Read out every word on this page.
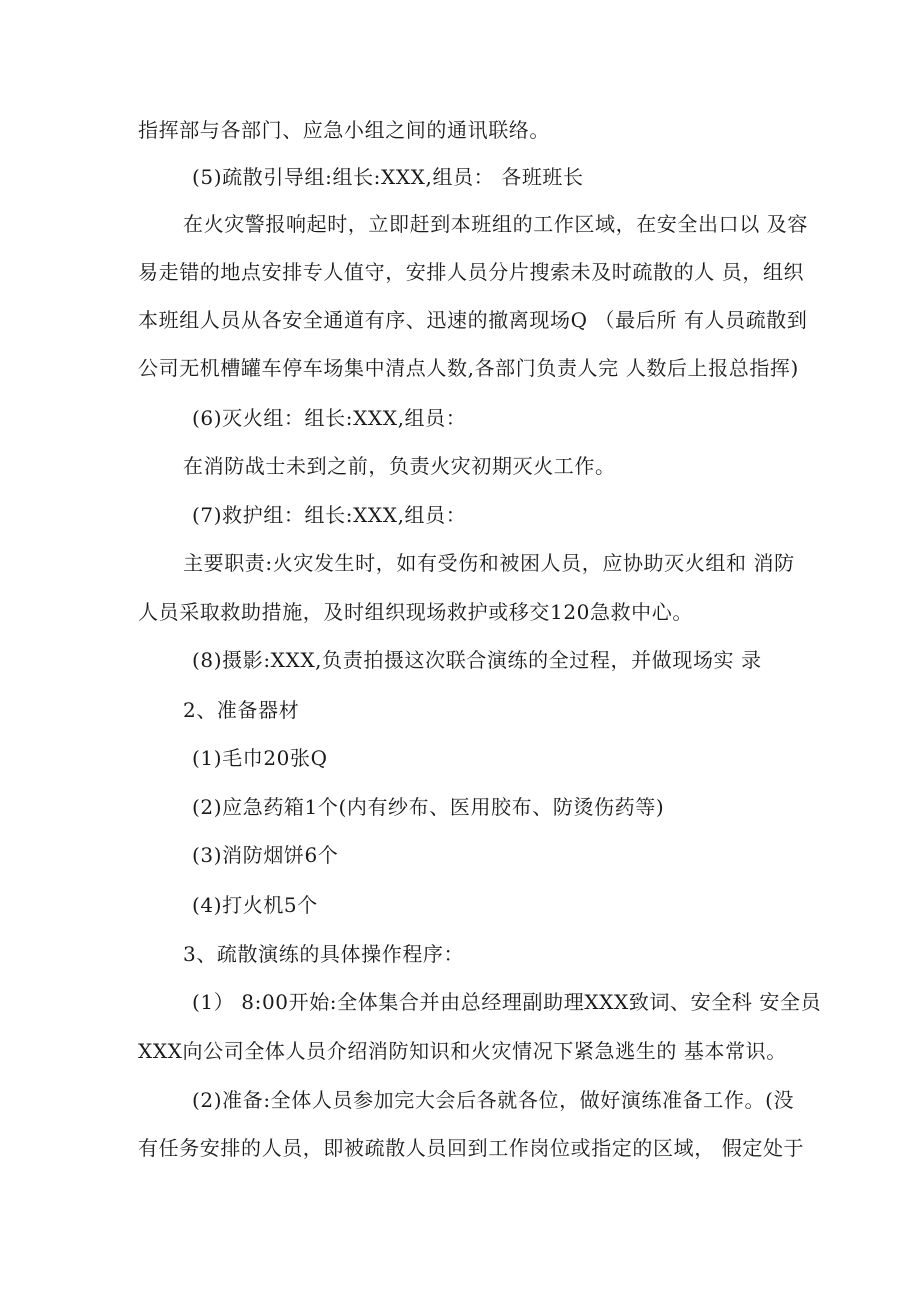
指挥部与各部门、应急小组之间的通讯联络。
(5)疏散引导组:组长:XXX,组员： 各班班长
在火灾警报响起时，立即赶到本班组的工作区域，在安全出口以 及容
易走错的地点安排专人值守，安排人员分片搜索未及时疏散的人 员，组织
本班组人员从各安全通道有序、迅速的撤离现场Q （最后所 有人员疏散到
公司无机槽罐车停车场集中清点人数,各部门负责人完 人数后上报总指挥)
(6)灭火组：组长:XXX,组员：
在消防战士未到之前，负责火灾初期灭火工作。
(7)救护组：组长:XXX,组员：
主要职责:火灾发生时，如有受伤和被困人员，应协助灭火组和 消防
人员采取救助措施，及时组织现场救护或移交120急救中心。
(8)摄影:XXX,负责拍摄这次联合演练的全过程，并做现场实 录
2、准备器材
(1)毛巾20张Q
(2)应急药箱1个(内有纱布、医用胶布、防烫伤药等)
(3)消防烟饼6个
(4)打火机5个
3、疏散演练的具体操作程序：
(1） 8:00开始:全体集合并由总经理副助理XXX致词、安全科 安全员
XXX向公司全体人员介绍消防知识和火灾情况下紧急逃生的 基本常识。
(2)准备:全体人员参加完大会后各就各位，做好演练准备工作。(没
有任务安排的人员，即被疏散人员回到工作岗位或指定的区域， 假定处于
